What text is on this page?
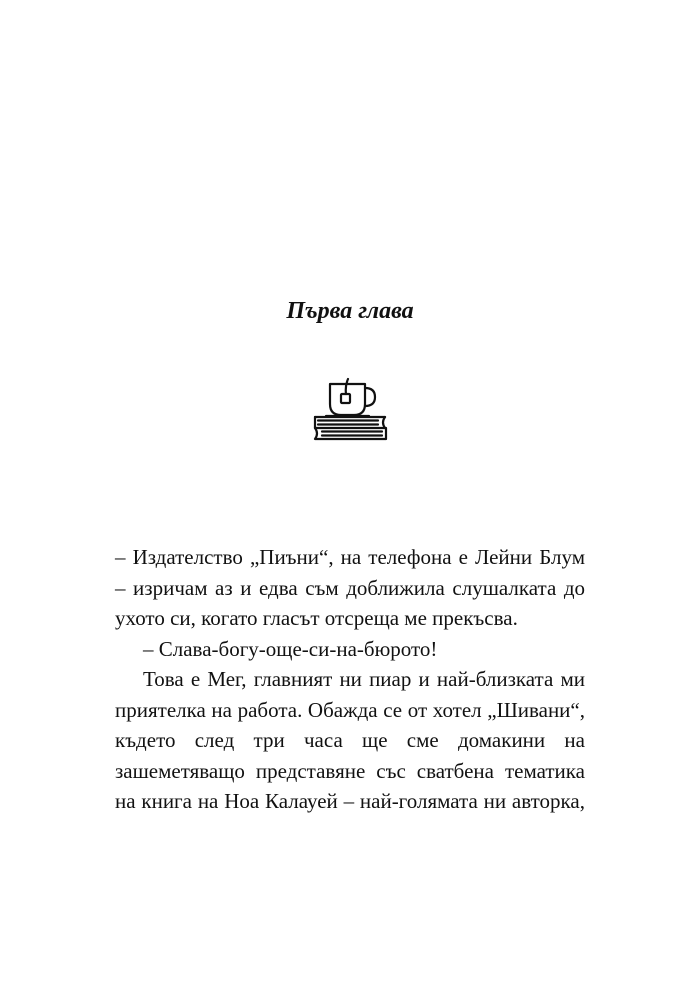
Първа глава

– Издателство „Пиъни“, на телефона е Лейни Блум – изричам аз и едва съм доближила слушалката до ухото си, когато гласът отсреща ме прекъсва.

– Слава-богу-още-си-на-бюрото!

Това е Мег, главният ни пиар и най-близката ми приятелка на работа. Обажда се от хотел „Шивани“, където след три часа ще сме домакини на зашеметяващо представяне със сватбена тематика на книга на Ноа Калауей – най-голямата ни авторка,
